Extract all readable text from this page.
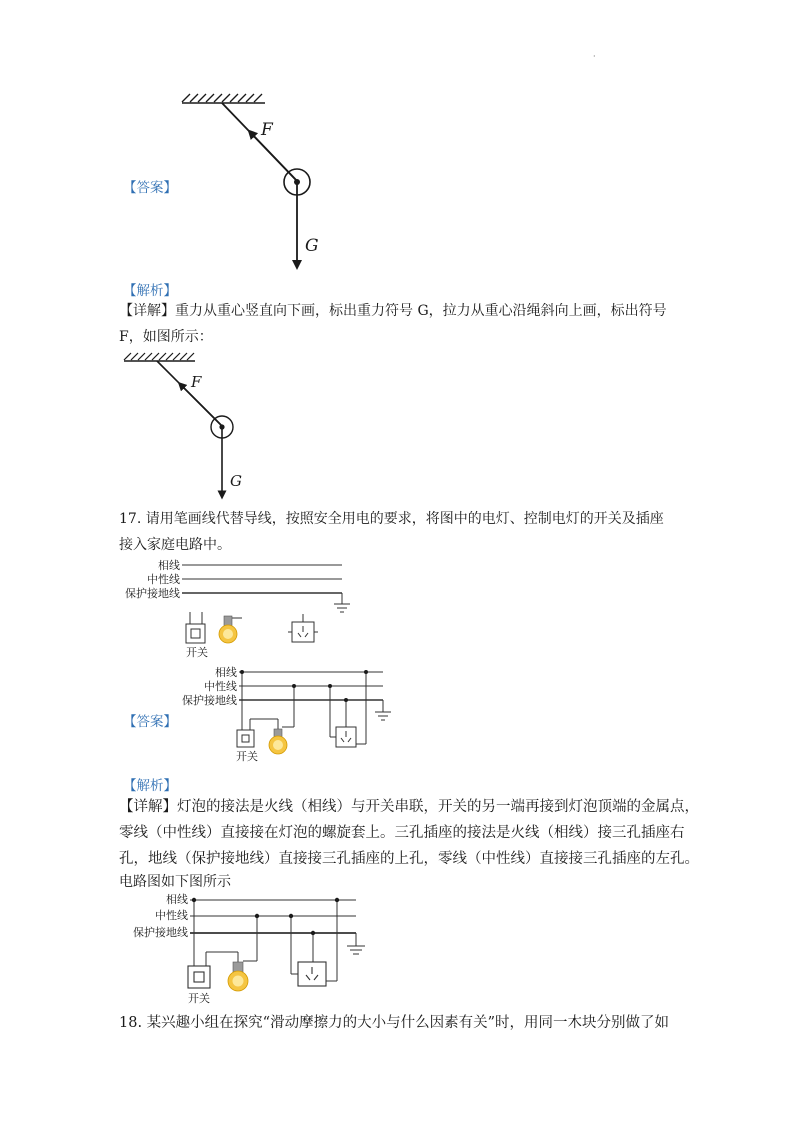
·
【答案】
F
G
【解析】
【详解】重力从重心竖直向下画，标出重力符号 G，拉力从重心沿绳斜向上画，标出符号
F，如图所示：
F
G
17. 请用笔画线代替导线，按照安全用电的要求，将图中的电灯、控制电灯的开关及插座
接入家庭电路中。
相线
中性线
保护接地线
开关
【答案】
相线
中性线
保护接地线
开关
【解析】
【详解】灯泡的接法是火线（相线）与开关串联，开关的另一端再接到灯泡顶端的金属点，
零线（中性线）直接接在灯泡的螺旋套上。三孔插座的接法是火线（相线）接三孔插座右
孔，地线（保护接地线）直接接三孔插座的上孔，零线（中性线）直接接三孔插座的左孔。
电路图如下图所示
相线
中性线
保护接地线
开关
18. 某兴趣小组在探究“滑动摩擦力的大小与什么因素有关”时，用同一木块分别做了如
